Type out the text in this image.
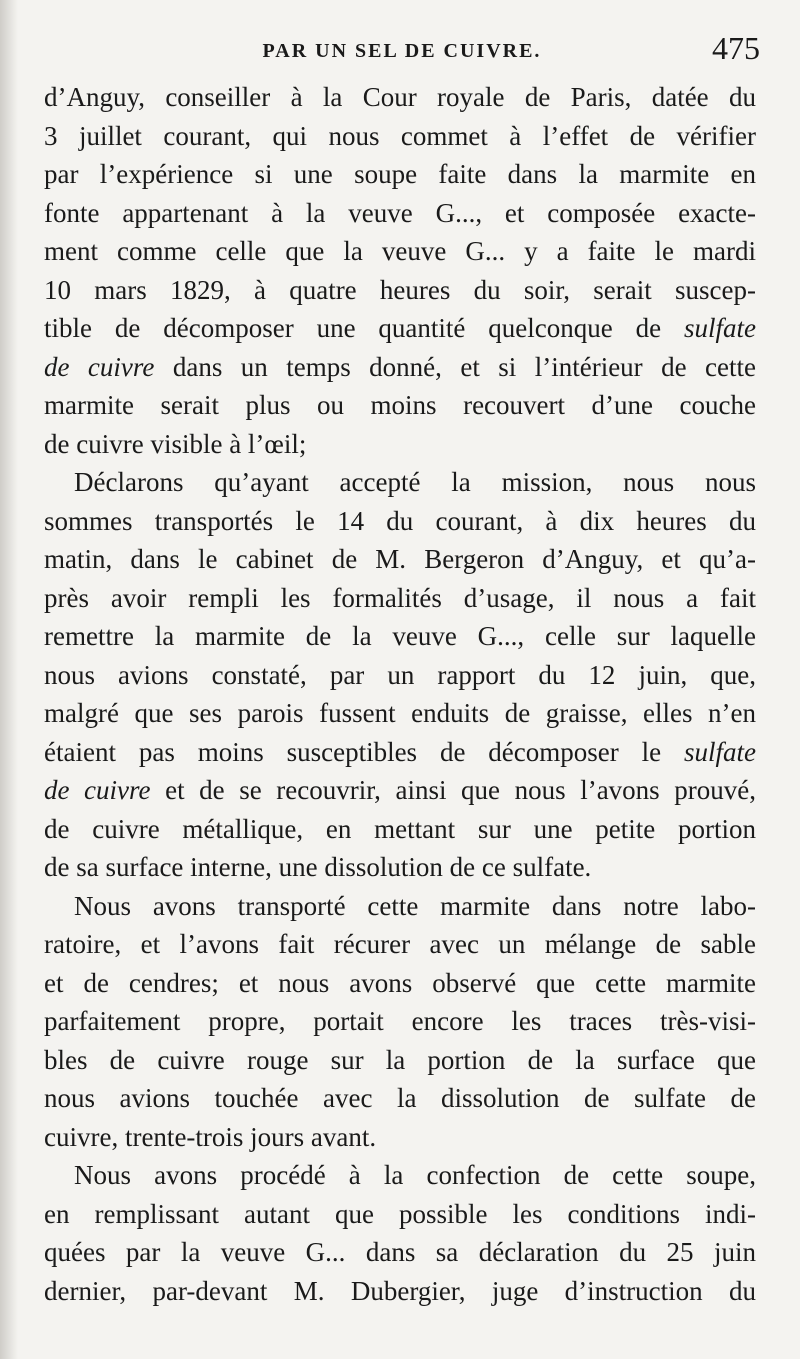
PAR UN SEL DE CUIVRE.	475
d’Anguy, conseiller à la Cour royale de Paris, datée du
3 juillet courant, qui nous commet à l’effet de vérifier
par l’expérience si une soupe faite dans la marmite en
fonte appartenant à la veuve G..., et composée exacte-
ment comme celle que la veuve G... y a faite le mardi
10 mars 1829, à quatre heures du soir, serait suscep-
tible de décomposer une quantité quelconque de sulfate
de cuivre dans un temps donné, et si l’intérieur de cette
marmite serait plus ou moins recouvert d’une couche
de cuivre visible à l’œil;
Déclarons qu’ayant accepté la mission, nous nous
sommes transportés le 14 du courant, à dix heures du
matin, dans le cabinet de M. Bergeron d’Anguy, et qu’a-
près avoir rempli les formalités d’usage, il nous a fait
remettre la marmite de la veuve G..., celle sur laquelle
nous avions constaté, par un rapport du 12 juin, que,
malgré que ses parois fussent enduits de graisse, elles n’en
étaient pas moins susceptibles de décomposer le sulfate
de cuivre et de se recouvrir, ainsi que nous l’avons prouvé,
de cuivre métallique, en mettant sur une petite portion
de sa surface interne, une dissolution de ce sulfate.
Nous avons transporté cette marmite dans notre labo-
ratoire, et l’avons fait récurer avec un mélange de sable
et de cendres; et nous avons observé que cette marmite
parfaitement propre, portait encore les traces très-visi-
bles de cuivre rouge sur la portion de la surface que
nous avions touchée avec la dissolution de sulfate de
cuivre, trente-trois jours avant.
Nous avons procédé à la confection de cette soupe,
en remplissant autant que possible les conditions indi-
quées par la veuve G... dans sa déclaration du 25 juin
dernier, par-devant M. Dubergier, juge d’instruction du
